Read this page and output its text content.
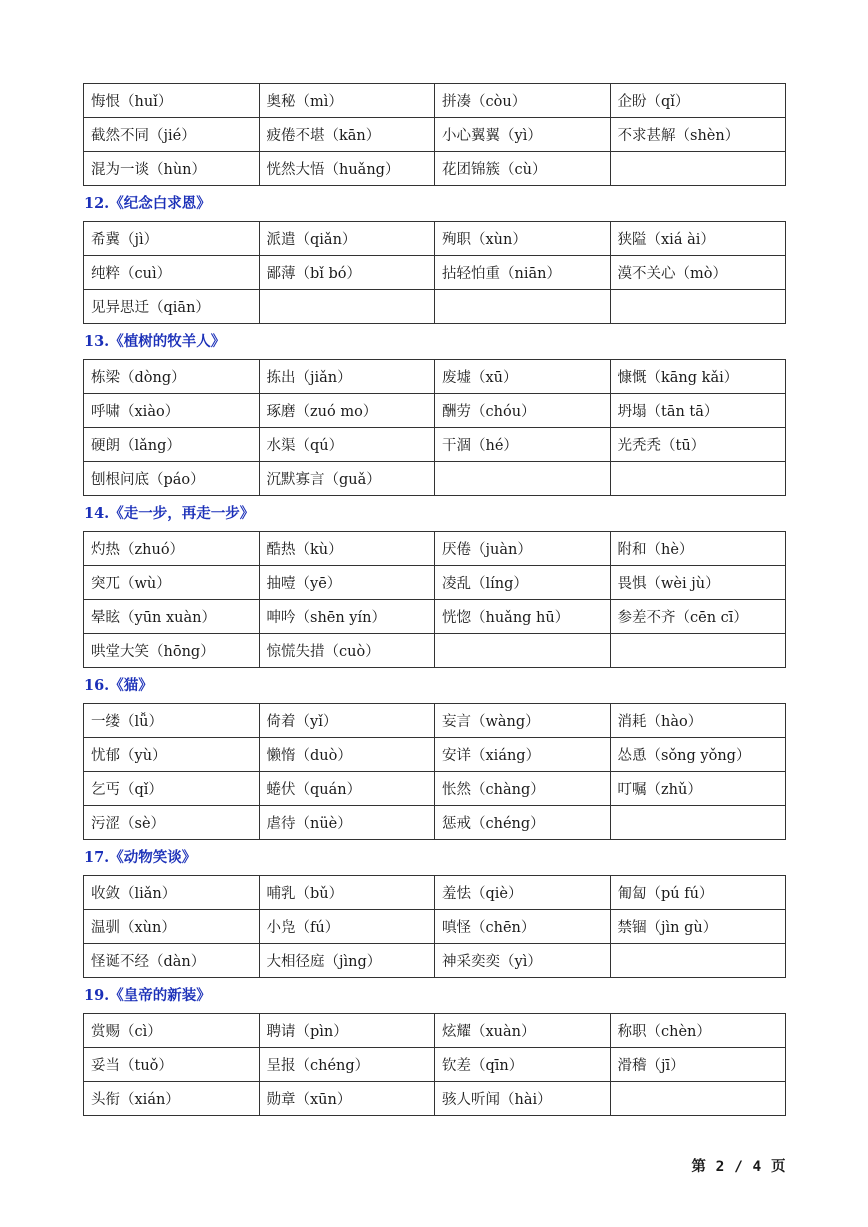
悔恨（huǐ）	奥秘（mì）	拼凑（còu）	企盼（qǐ）
截然不同（jié）	疲倦不堪（kān）	小心翼翼（yì）	不求甚解（shèn）
混为一谈（hùn）	恍然大悟（huǎng）	花团锦簇（cù）	
12.《纪念白求恩》
希冀（jì）	派遣（qiǎn）	殉职（xùn）	狭隘（xiá ài）
纯粹（cuì）	鄙薄（bǐ bó）	拈轻怕重（niān）	漠不关心（mò）
见异思迁（qiān）			
13.《植树的牧羊人》
栋梁（dòng）	拣出（jiǎn）	废墟（xū）	慷慨（kāng kǎi）
呼啸（xiào）	琢磨（zuó mo）	酬劳（chóu）	坍塌（tān tā）
硬朗（lǎng）	水渠（qú）	干涸（hé）	光秃秃（tū）
刨根问底（páo）	沉默寡言（guǎ）		
14.《走一步，再走一步》
灼热（zhuó）	酷热（kù）	厌倦（juàn）	附和（hè）
突兀（wù）	抽噎（yē）	凌乱（líng）	畏惧（wèi jù）
晕眩（yūn xuàn）	呻吟（shēn yín）	恍惚（huǎng hū）	参差不齐（cēn cī）
哄堂大笑（hōng）	惊慌失措（cuò）		
16.《猫》
一缕（lǚ）	倚着（yǐ）	妄言（wàng）	消耗（hào）
忧郁（yù）	懒惰（duò）	安详（xiáng）	怂恿（sǒng yǒng）
乞丐（qǐ）	蜷伏（quán）	怅然（chàng）	叮嘱（zhǔ）
污涩（sè）	虐待（nüè）	惩戒（chéng）	
17.《动物笑谈》
收敛（liǎn）	哺乳（bǔ）	羞怯（qiè）	匍匐（pú fú）
温驯（xùn）	小凫（fú）	嗔怪（chēn）	禁锢（jìn gù）
怪诞不经（dàn）	大相径庭（jìng）	神采奕奕（yì）	
19.《皇帝的新装》
赏赐（cì）	聘请（pìn）	炫耀（xuàn）	称职（chèn）
妥当（tuǒ）	呈报（chéng）	钦差（qīn）	滑稽（jī）
头衔（xián）	勋章（xūn）	骇人听闻（hài）	
第 2 / 4 页
